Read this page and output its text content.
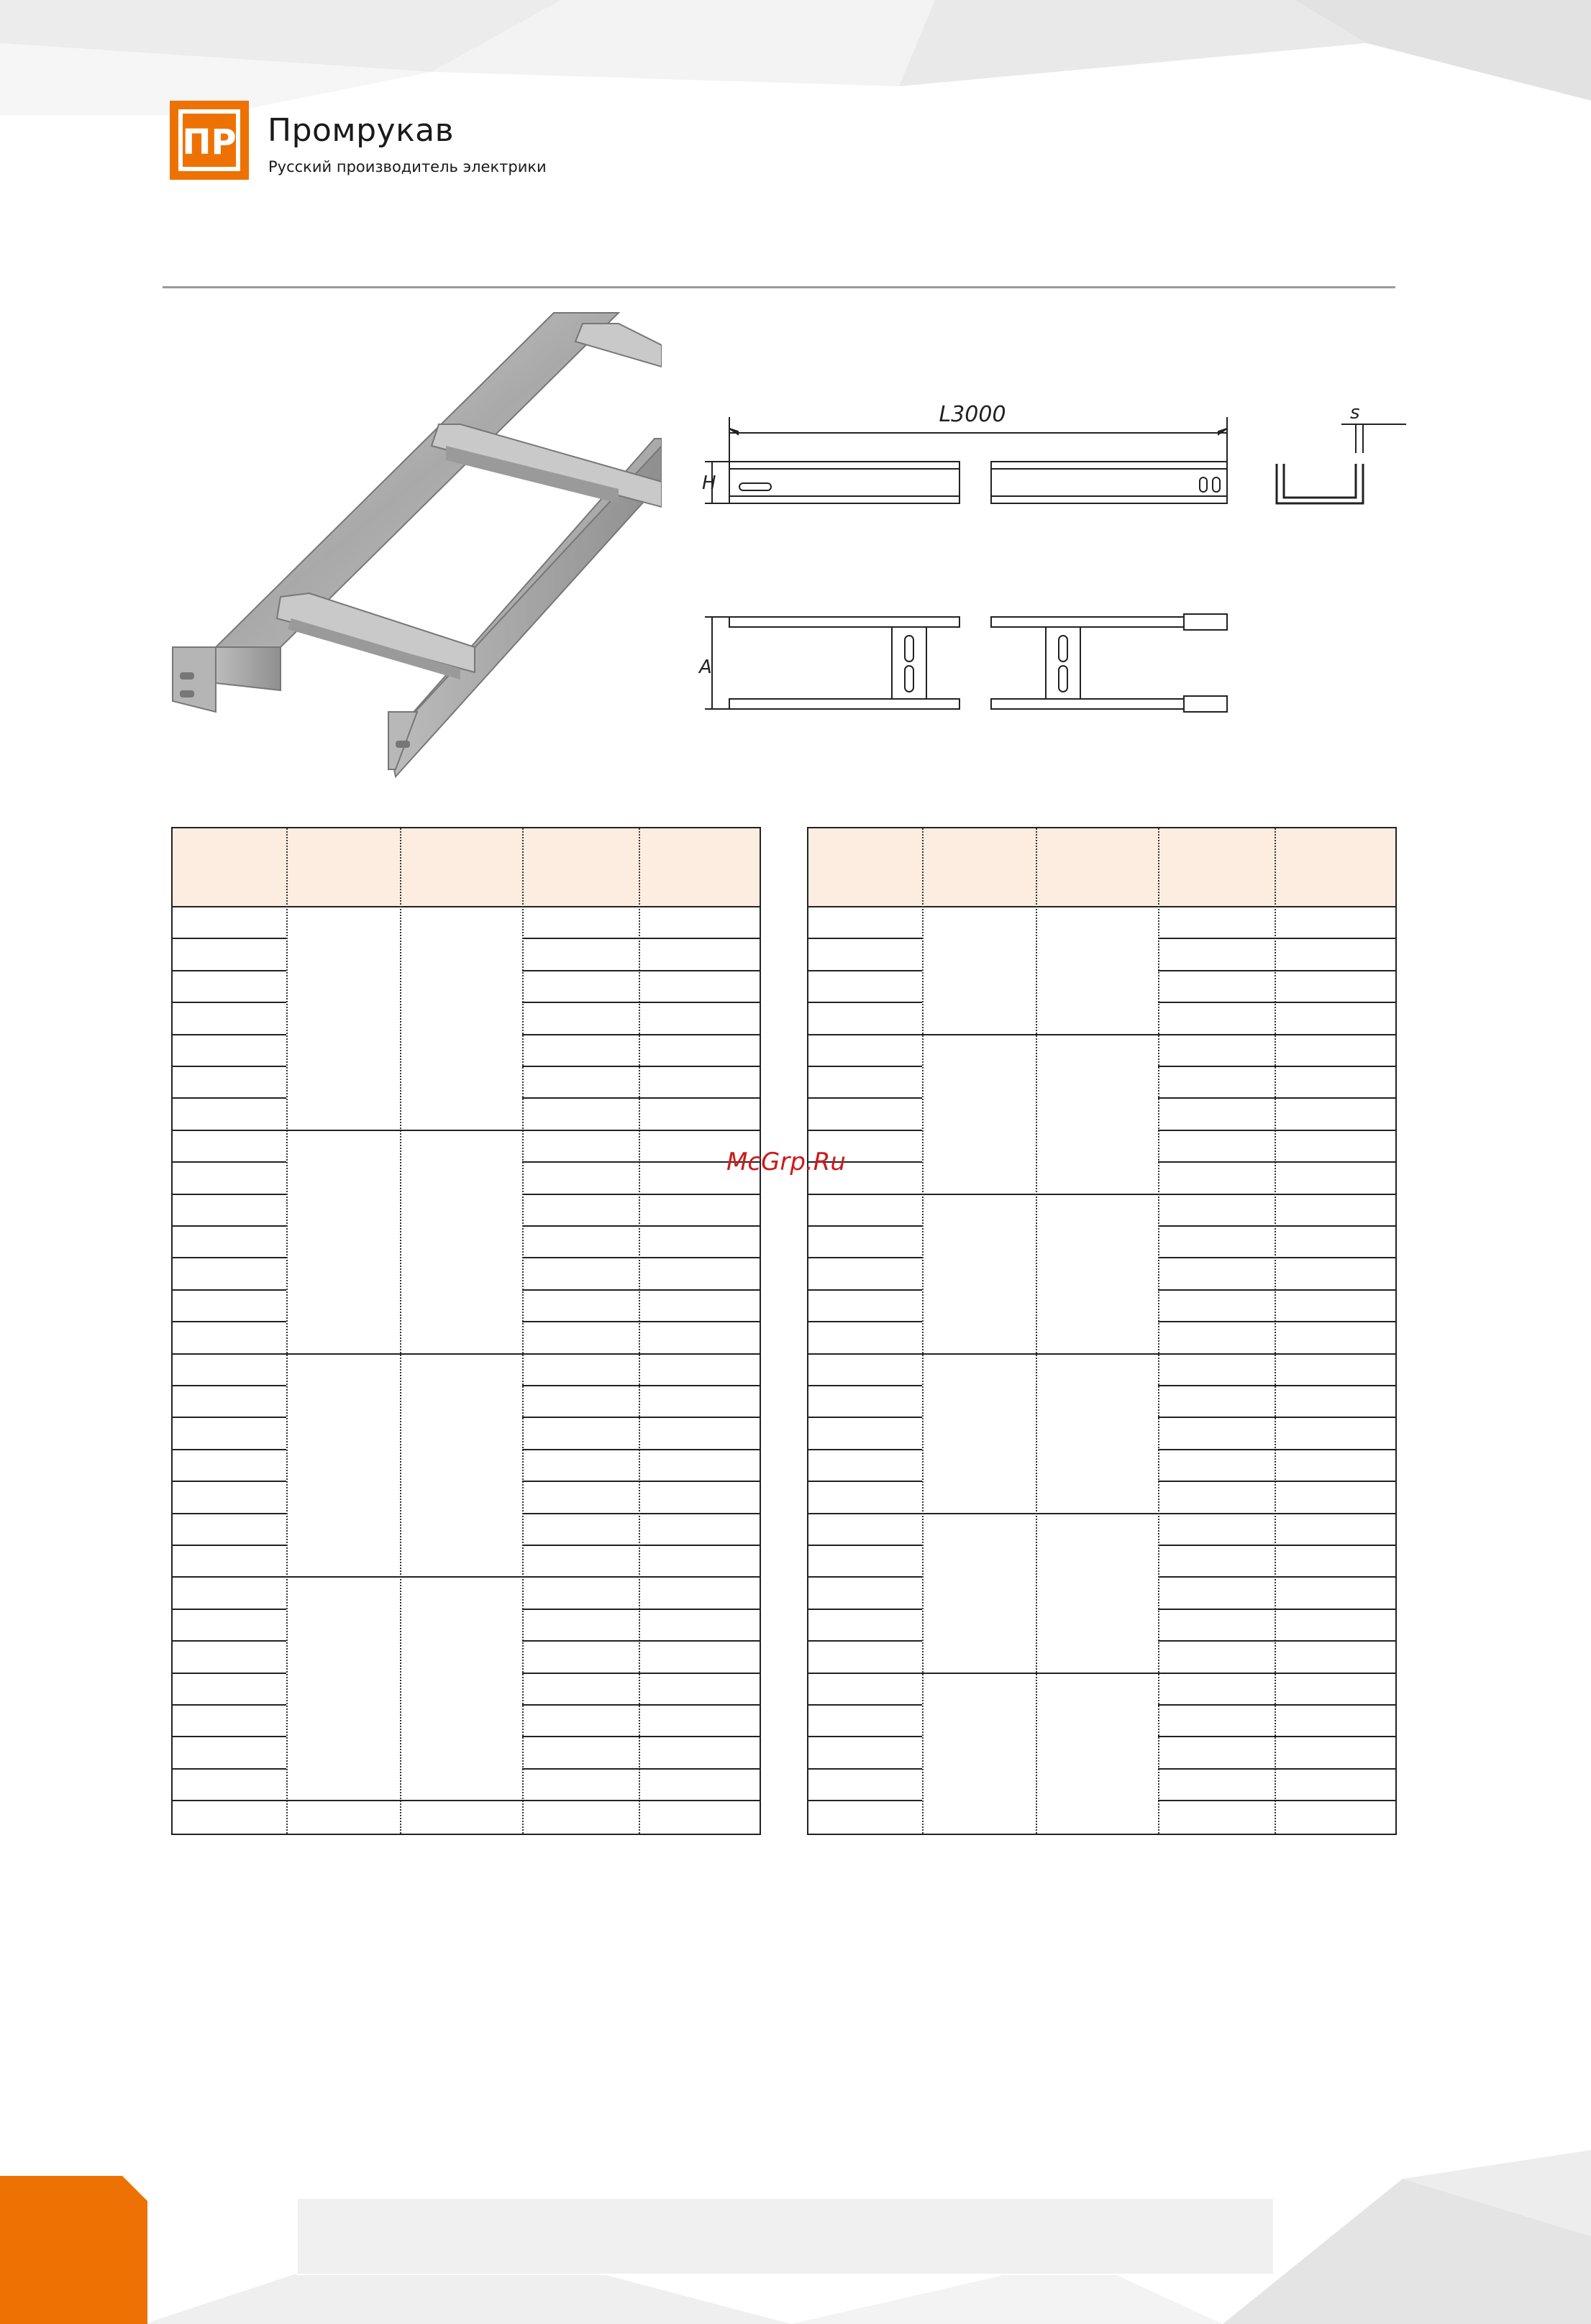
ПР Промрукав
Русский производитель электрики
L3000
H
s
A
McGrp.Ru
